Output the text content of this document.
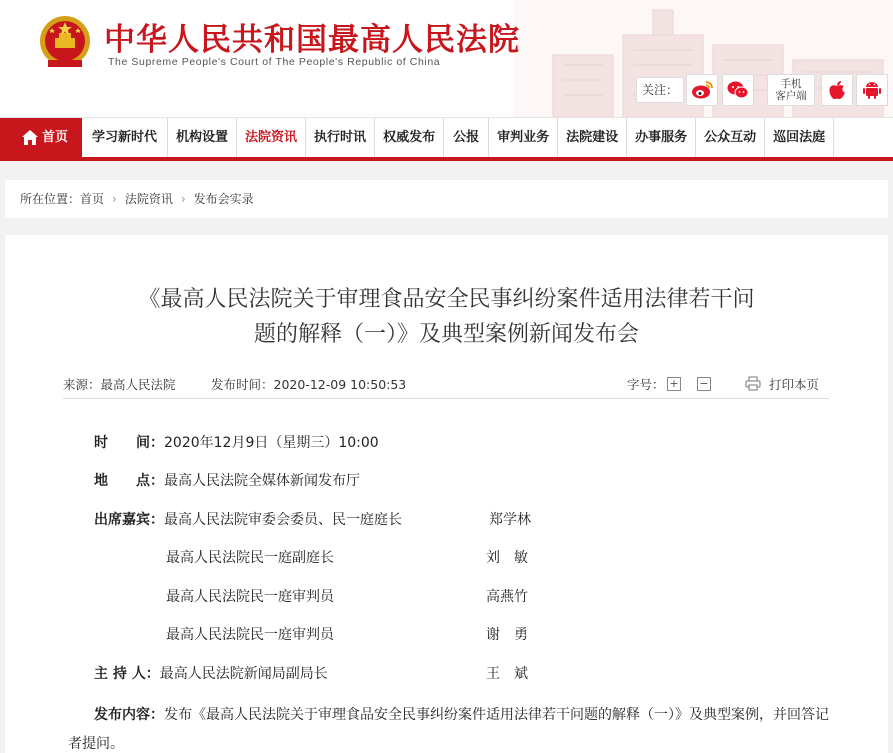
中华人民共和国最高人民法院
The Supreme People's Court of The People's Republic of China
关注：	手机
客户端
首页	学习新时代	机构设置	法院资讯	执行时讯	权威发布	公报	审判业务	法院建设	办事服务	公众互动	巡回法庭
所在位置：首页 › 法院资讯 › 发布会实录
《最高人民法院关于审理食品安全民事纠纷案件适用法律若干问
题的解释（一）》及典型案例新闻发布会
来源：最高人民法院	发布时间：2020-12-09 10:50:53	字号： + −	打印本页
时　　间：2020年12月9日（星期三）10:00
地　　点：最高人民法院全媒体新闻发布厅
出席嘉宾：最高人民法院审委会委员、民一庭庭长	郑学林
最高人民法院民一庭副庭长	刘　敏
最高人民法院民一庭审判员	高燕竹
最高人民法院民一庭审判员	谢　勇
主 持 人：最高人民法院新闻局副局长	王　斌
发布内容：发布《最高人民法院关于审理食品安全民事纠纷案件适用法律若干问题的解释（一）》及典型案例，并回答记者提问。
